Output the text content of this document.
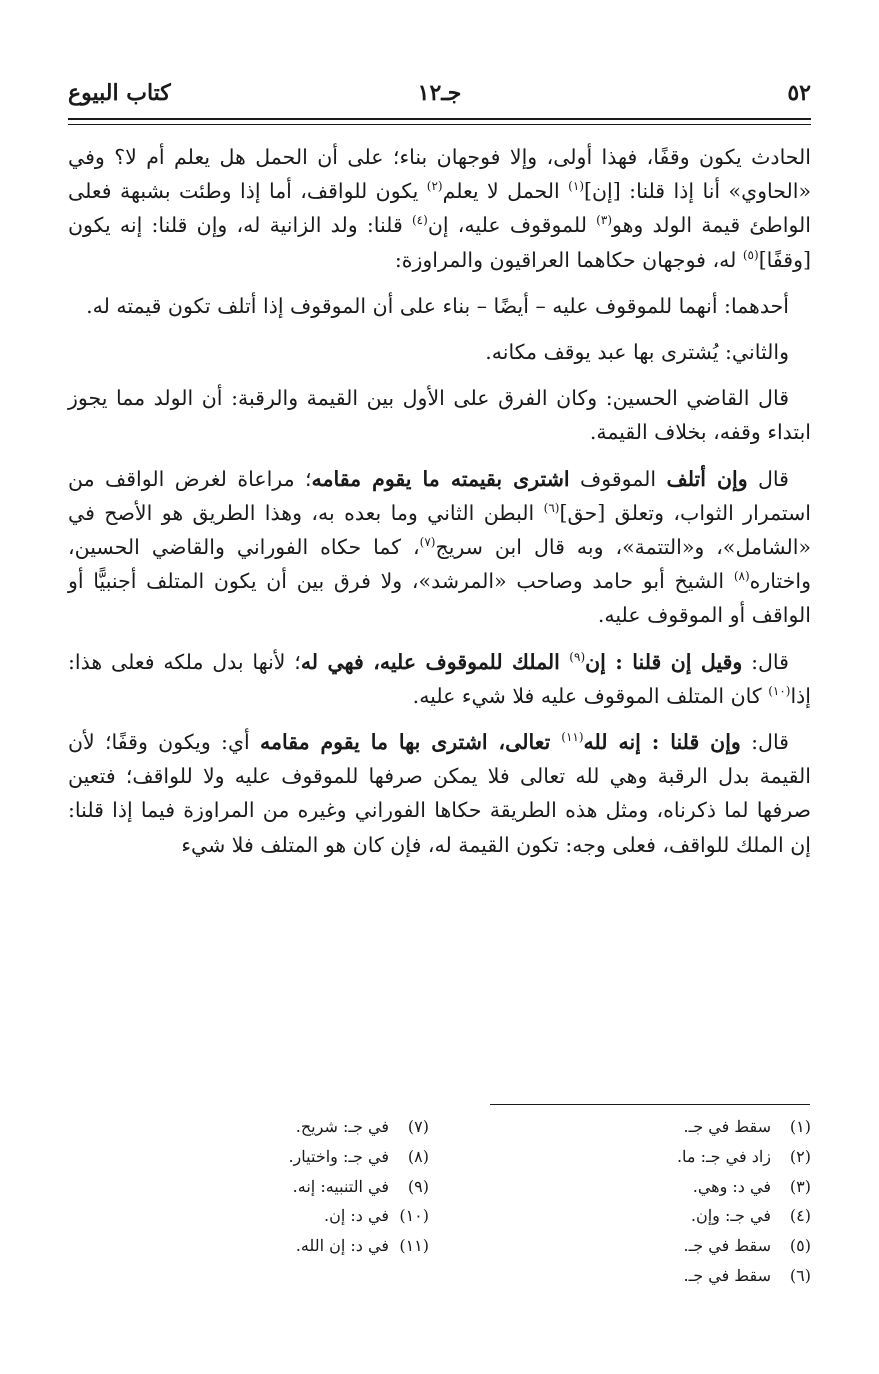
كتاب البيوع	جـ١٢	٥٢

الحادث يكون وقفًا، فهذا أولى، وإلا فوجهان بناء؛ على أن الحمل هل يعلم أم لا؟ وفي «الحاوي» أنا إذا قلنا: [إن]$^{(١)}$ الحمل لا يعلم$^{(٢)}$ يكون للواقف، أما إذا وطئت بشبهة فعلى الواطئ قيمة الولد وهو$^{(٣)}$ للموقوف عليه، إن$^{(٤)}$ قلنا: ولد الزانية له، وإن قلنا: إنه يكون [وقفًا]$^{(٥)}$ له، فوجهان حكاهما العراقيون والمراوزة:

أحدهما: أنهما للموقوف عليه – أيضًا – بناء على أن الموقوف إذا أتلف تكون قيمته له.

والثاني: يُشترى بها عبد يوقف مكانه.

قال القاضي الحسين: وكان الفرق على الأول بين القيمة والرقبة: أن الولد مما يجوز ابتداء وقفه، بخلاف القيمة.

قال وإن أتلف الموقوف اشترى بقيمته ما يقوم مقامه؛ مراعاة لغرض الواقف من استمرار الثواب، وتعلق [حق]$^{(٦)}$ البطن الثاني وما بعده به، وهذا الطريق هو الأصح في «الشامل»، و«التتمة»، وبه قال ابن سريج$^{(٧)}$، كما حكاه الفوراني والقاضي الحسين، واختاره$^{(٨)}$ الشيخ أبو حامد وصاحب «المرشد»، ولا فرق بين أن يكون المتلف أجنبيًّا أو الواقف أو الموقوف عليه.

قال: وقيل إن قلنا : إن$^{(٩)}$ الملك للموقوف عليه، فهي له؛ لأنها بدل ملكه فعلى هذا: إذا$^{(١٠)}$ كان المتلف الموقوف عليه فلا شيء عليه.

قال: وإن قلنا : إنه لله$^{(١١)}$ تعالى، اشترى بها ما يقوم مقامه أي: ويكون وقفًا؛ لأن القيمة بدل الرقبة وهي لله تعالى فلا يمكن صرفها للموقوف عليه ولا للواقف؛ فتعين صرفها لما ذكرناه، ومثل هذه الطريقة حكاها الفوراني وغيره من المراوزة فيما إذا قلنا: إن الملك للواقف، فعلى وجه: تكون القيمة له، فإن كان هو المتلف فلا شيء

(١)سقط في جـ.
(٢)زاد في جـ: ما.
(٣)في د: وهي.
(٤)في جـ: وإن.
(٥)سقط في جـ.
(٦)سقط في جـ.
(٧)في جـ: شريح.
(٨)في جـ: واختيار.
(٩)في التنبيه: إنه.
(١٠)في د: إن.
(١١)في د: إن الله.
